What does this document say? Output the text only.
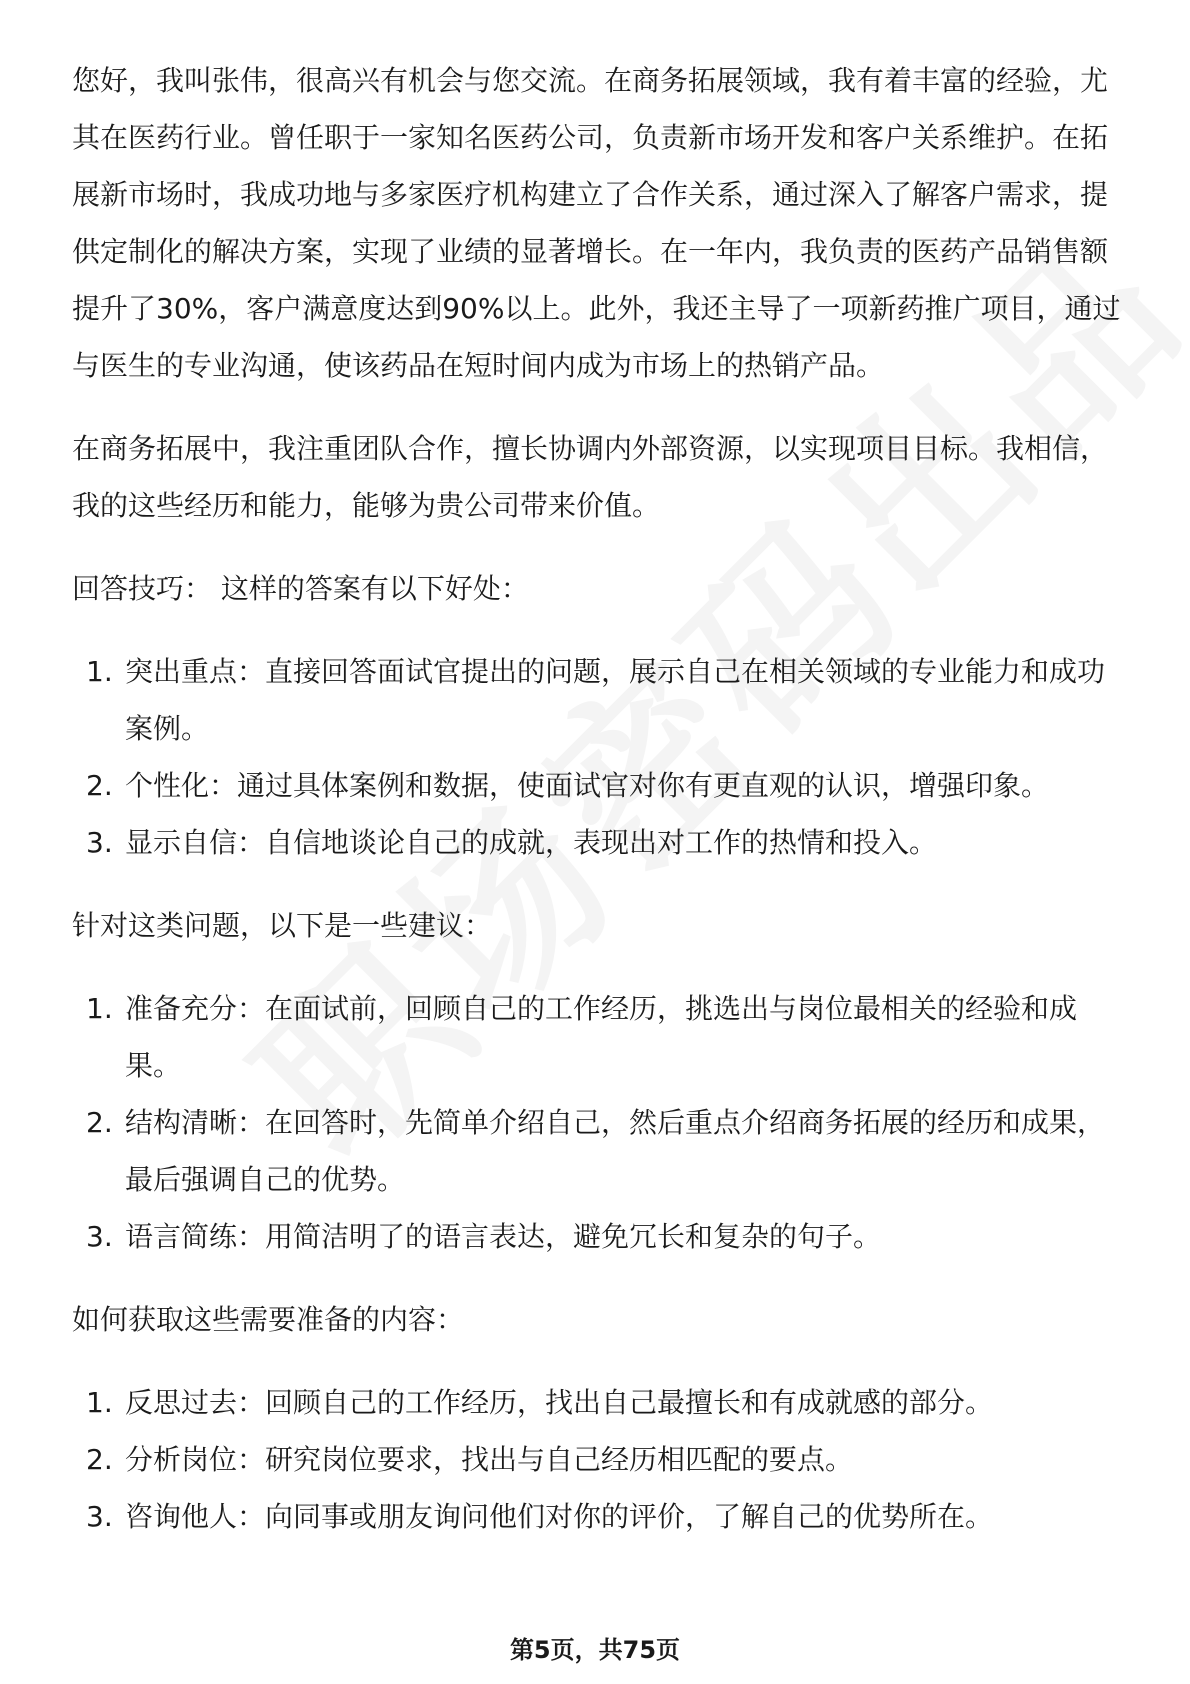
您好，我叫张伟，很高兴有机会与您交流。在商务拓展领域，我有着丰富的经验，尤其在医药行业。曾任职于一家知名医药公司，负责新市场开发和客户关系维护。在拓展新市场时，我成功地与多家医疗机构建立了合作关系，通过深入了解客户需求，提供定制化的解决方案，实现了业绩的显著增长。在一年内，我负责的医药产品销售额提升了30%，客户满意度达到90%以上。此外，我还主导了一项新药推广项目，通过与医生的专业沟通，使该药品在短时间内成为市场上的热销产品。

在商务拓展中，我注重团队合作，擅长协调内外部资源，以实现项目目标。我相信，我的这些经历和能力，能够为贵公司带来价值。

回答技巧： 这样的答案有以下好处：

1. 突出重点：直接回答面试官提出的问题，展示自己在相关领域的专业能力和成功案例。
2. 个性化：通过具体案例和数据，使面试官对你有更直观的认识，增强印象。
3. 显示自信：自信地谈论自己的成就，表现出对工作的热情和投入。

针对这类问题，以下是一些建议：

1. 准备充分：在面试前，回顾自己的工作经历，挑选出与岗位最相关的经验和成果。
2. 结构清晰：在回答时，先简单介绍自己，然后重点介绍商务拓展的经历和成果，最后强调自己的优势。
3. 语言简练：用简洁明了的语言表达，避免冗长和复杂的句子。

如何获取这些需要准备的内容：

1. 反思过去：回顾自己的工作经历，找出自己最擅长和有成就感的部分。
2. 分析岗位：研究岗位要求，找出与自己经历相匹配的要点。
3. 咨询他人：向同事或朋友询问他们对你的评价，了解自己的优势所在。
第5页，共75页
